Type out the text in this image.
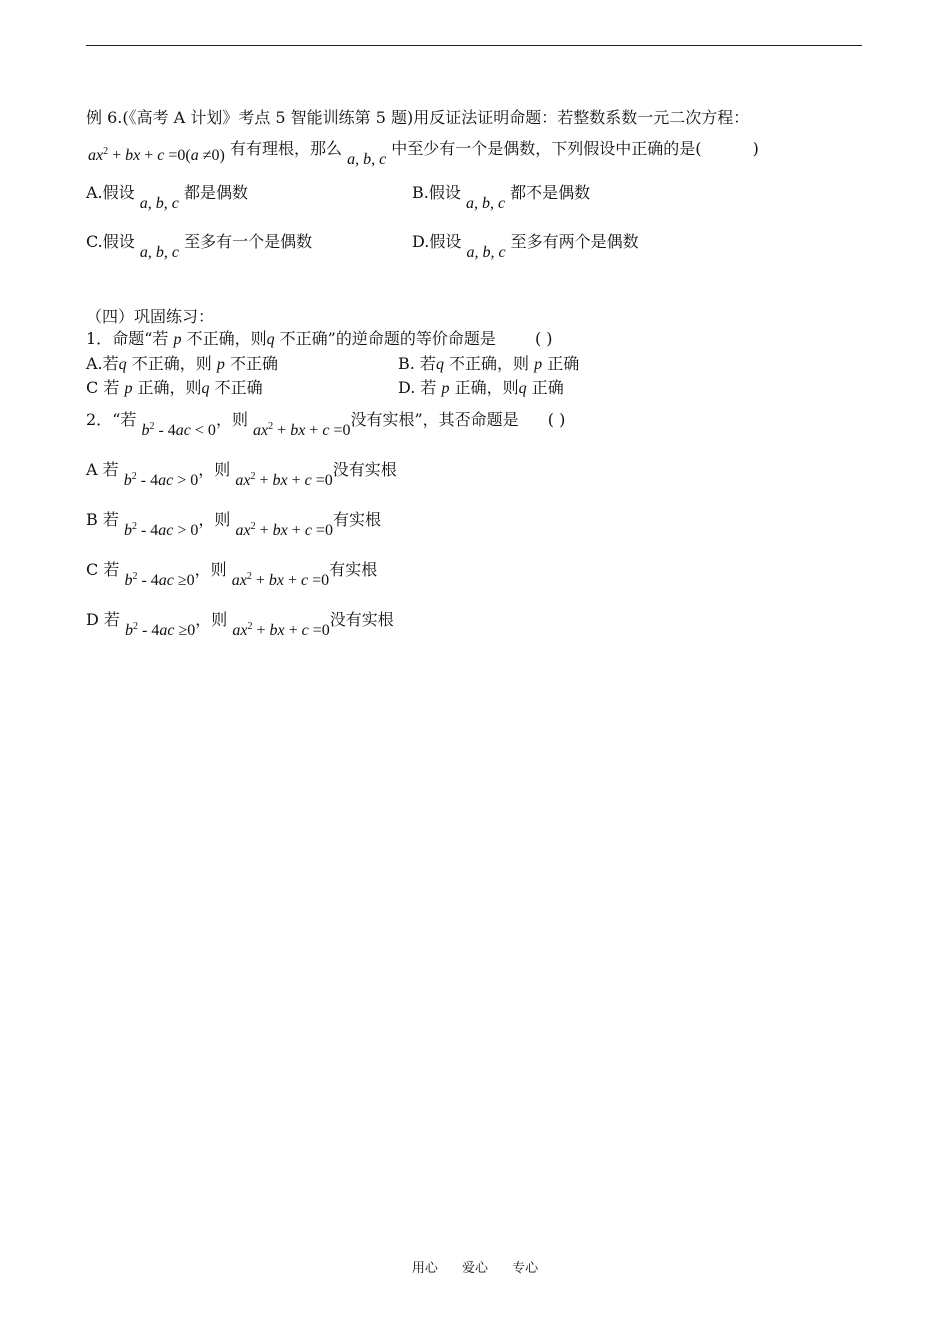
例 6.(《高考 A 计划》考点 5 智能训练第 5 题)用反证法证明命题：若整数系数一元二次方程：
$ax^2$ + bx + c =0(a ≠0) 有有理根，那么 a, b, c 中至少有一个是偶数，下列假设中正确的是(	)
A.假设 a, b, c 都是偶数	B.假设 a, b, c 都不是偶数
C.假设 a, b, c 至多有一个是偶数	D.假设 a, b, c 至多有两个是偶数
（四）巩固练习：
1．命题“若 p 不正确，则q 不正确”的逆命题的等价命题是 ( )
A.若q 不正确，则 p 不正确	B. 若q 不正确，则 p 正确
C 若 p 正确，则q 不正确	D. 若 p 正确，则q 正确
2．“若 $b^2 - 4ac < 0$，则 $ax^2$ + bx + c =0没有实根”，其否命题是 ( )
A 若 $b^2 - 4ac > 0$，则 $ax^2$ + bx + c =0没有实根
B 若 $b^2 - 4ac > 0$，则 $ax^2$ + bx + c =0有实根
C 若 $b^2 - 4ac \ge 0$，则 $ax^2$ + bx + c =0有实根
D 若 $b^2 - 4ac \ge 0$，则 $ax^2$ + bx + c =0没有实根
用心 爱心 专心
